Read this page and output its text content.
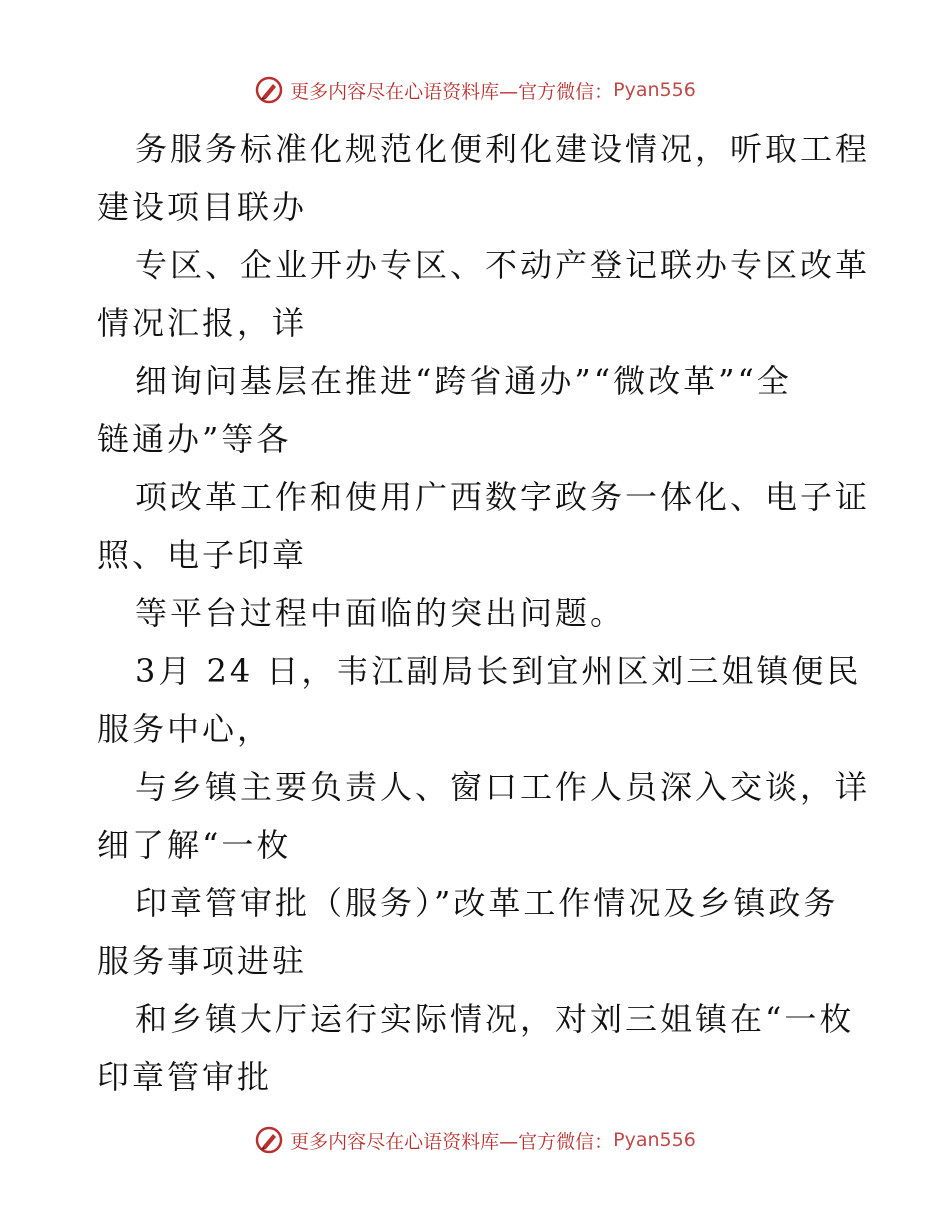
更多内容尽在心语资料库—官方微信： Pyan556
务服务标准化规范化便利化建设情况，听取工程
建设项目联办
专区、企业开办专区、不动产登记联办专区改革
情况汇报，详
细询问基层在推进“跨省通办”“微改革”“全
链通办”等各
项改革工作和使用广西数字政务一体化、电子证
照、电子印章
等平台过程中面临的突出问题。
3月 24 日，韦江副局长到宜州区刘三姐镇便民
服务中心，
与乡镇主要负责人、窗口工作人员深入交谈，详
细了解“一枚
印章管审批（服务）”改革工作情况及乡镇政务
服务事项进驻
和乡镇大厅运行实际情况，对刘三姐镇在“一枚
印章管审批
更多内容尽在心语资料库—官方微信： Pyan556
